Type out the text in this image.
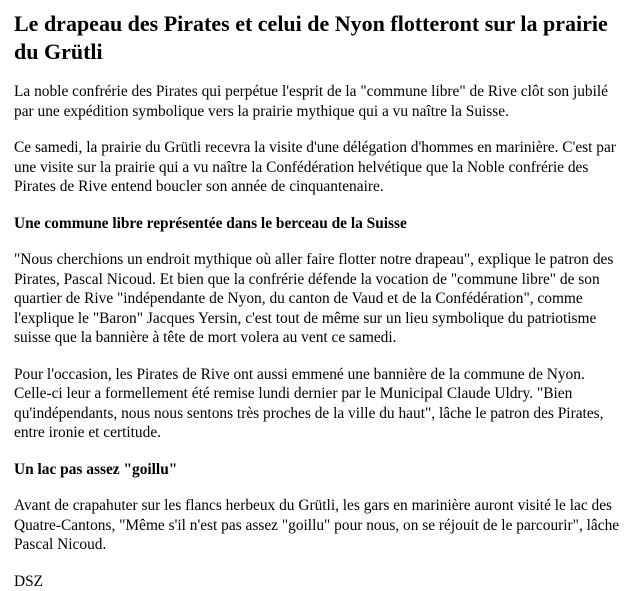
Le drapeau des Pirates et celui de Nyon flotteront sur la prairie du Grütli

La noble confrérie des Pirates qui perpétue l'esprit de la "commune libre" de Rive clôt son jubilé par une expédition symbolique vers la prairie mythique qui a vu naître la Suisse.

Ce samedi, la prairie du Grütli recevra la visite d'une délégation d'hommes en marinière. C'est par une visite sur la prairie qui a vu naître la Confédération helvétique que la Noble confrérie des Pirates de Rive entend boucler son année de cinquantenaire.

Une commune libre représentée dans le berceau de la Suisse

"Nous cherchions un endroit mythique où aller faire flotter notre drapeau", explique le patron des Pirates, Pascal Nicoud. Et bien que la confrérie défende la vocation de "commune libre" de son quartier de Rive "indépendante de Nyon, du canton de Vaud et de la Confédération", comme l'explique le "Baron" Jacques Yersin, c'est tout de même sur un lieu symbolique du patriotisme suisse que la bannière à tête de mort volera au vent ce samedi.

Pour l'occasion, les Pirates de Rive ont aussi emmené une bannière de la commune de Nyon. Celle-ci leur a formellement été remise lundi dernier par le Municipal Claude Uldry. "Bien qu'indépendants, nous nous sentons très proches de la ville du haut", lâche le patron des Pirates, entre ironie et certitude.

Un lac pas assez "goillu"

Avant de crapahuter sur les flancs herbeux du Grütli, les gars en marinière auront visité le lac des Quatre-Cantons, "Même s'il n'est pas assez "goillu" pour nous, on se réjouit de le parcourir", lâche Pascal Nicoud.

DSZ
